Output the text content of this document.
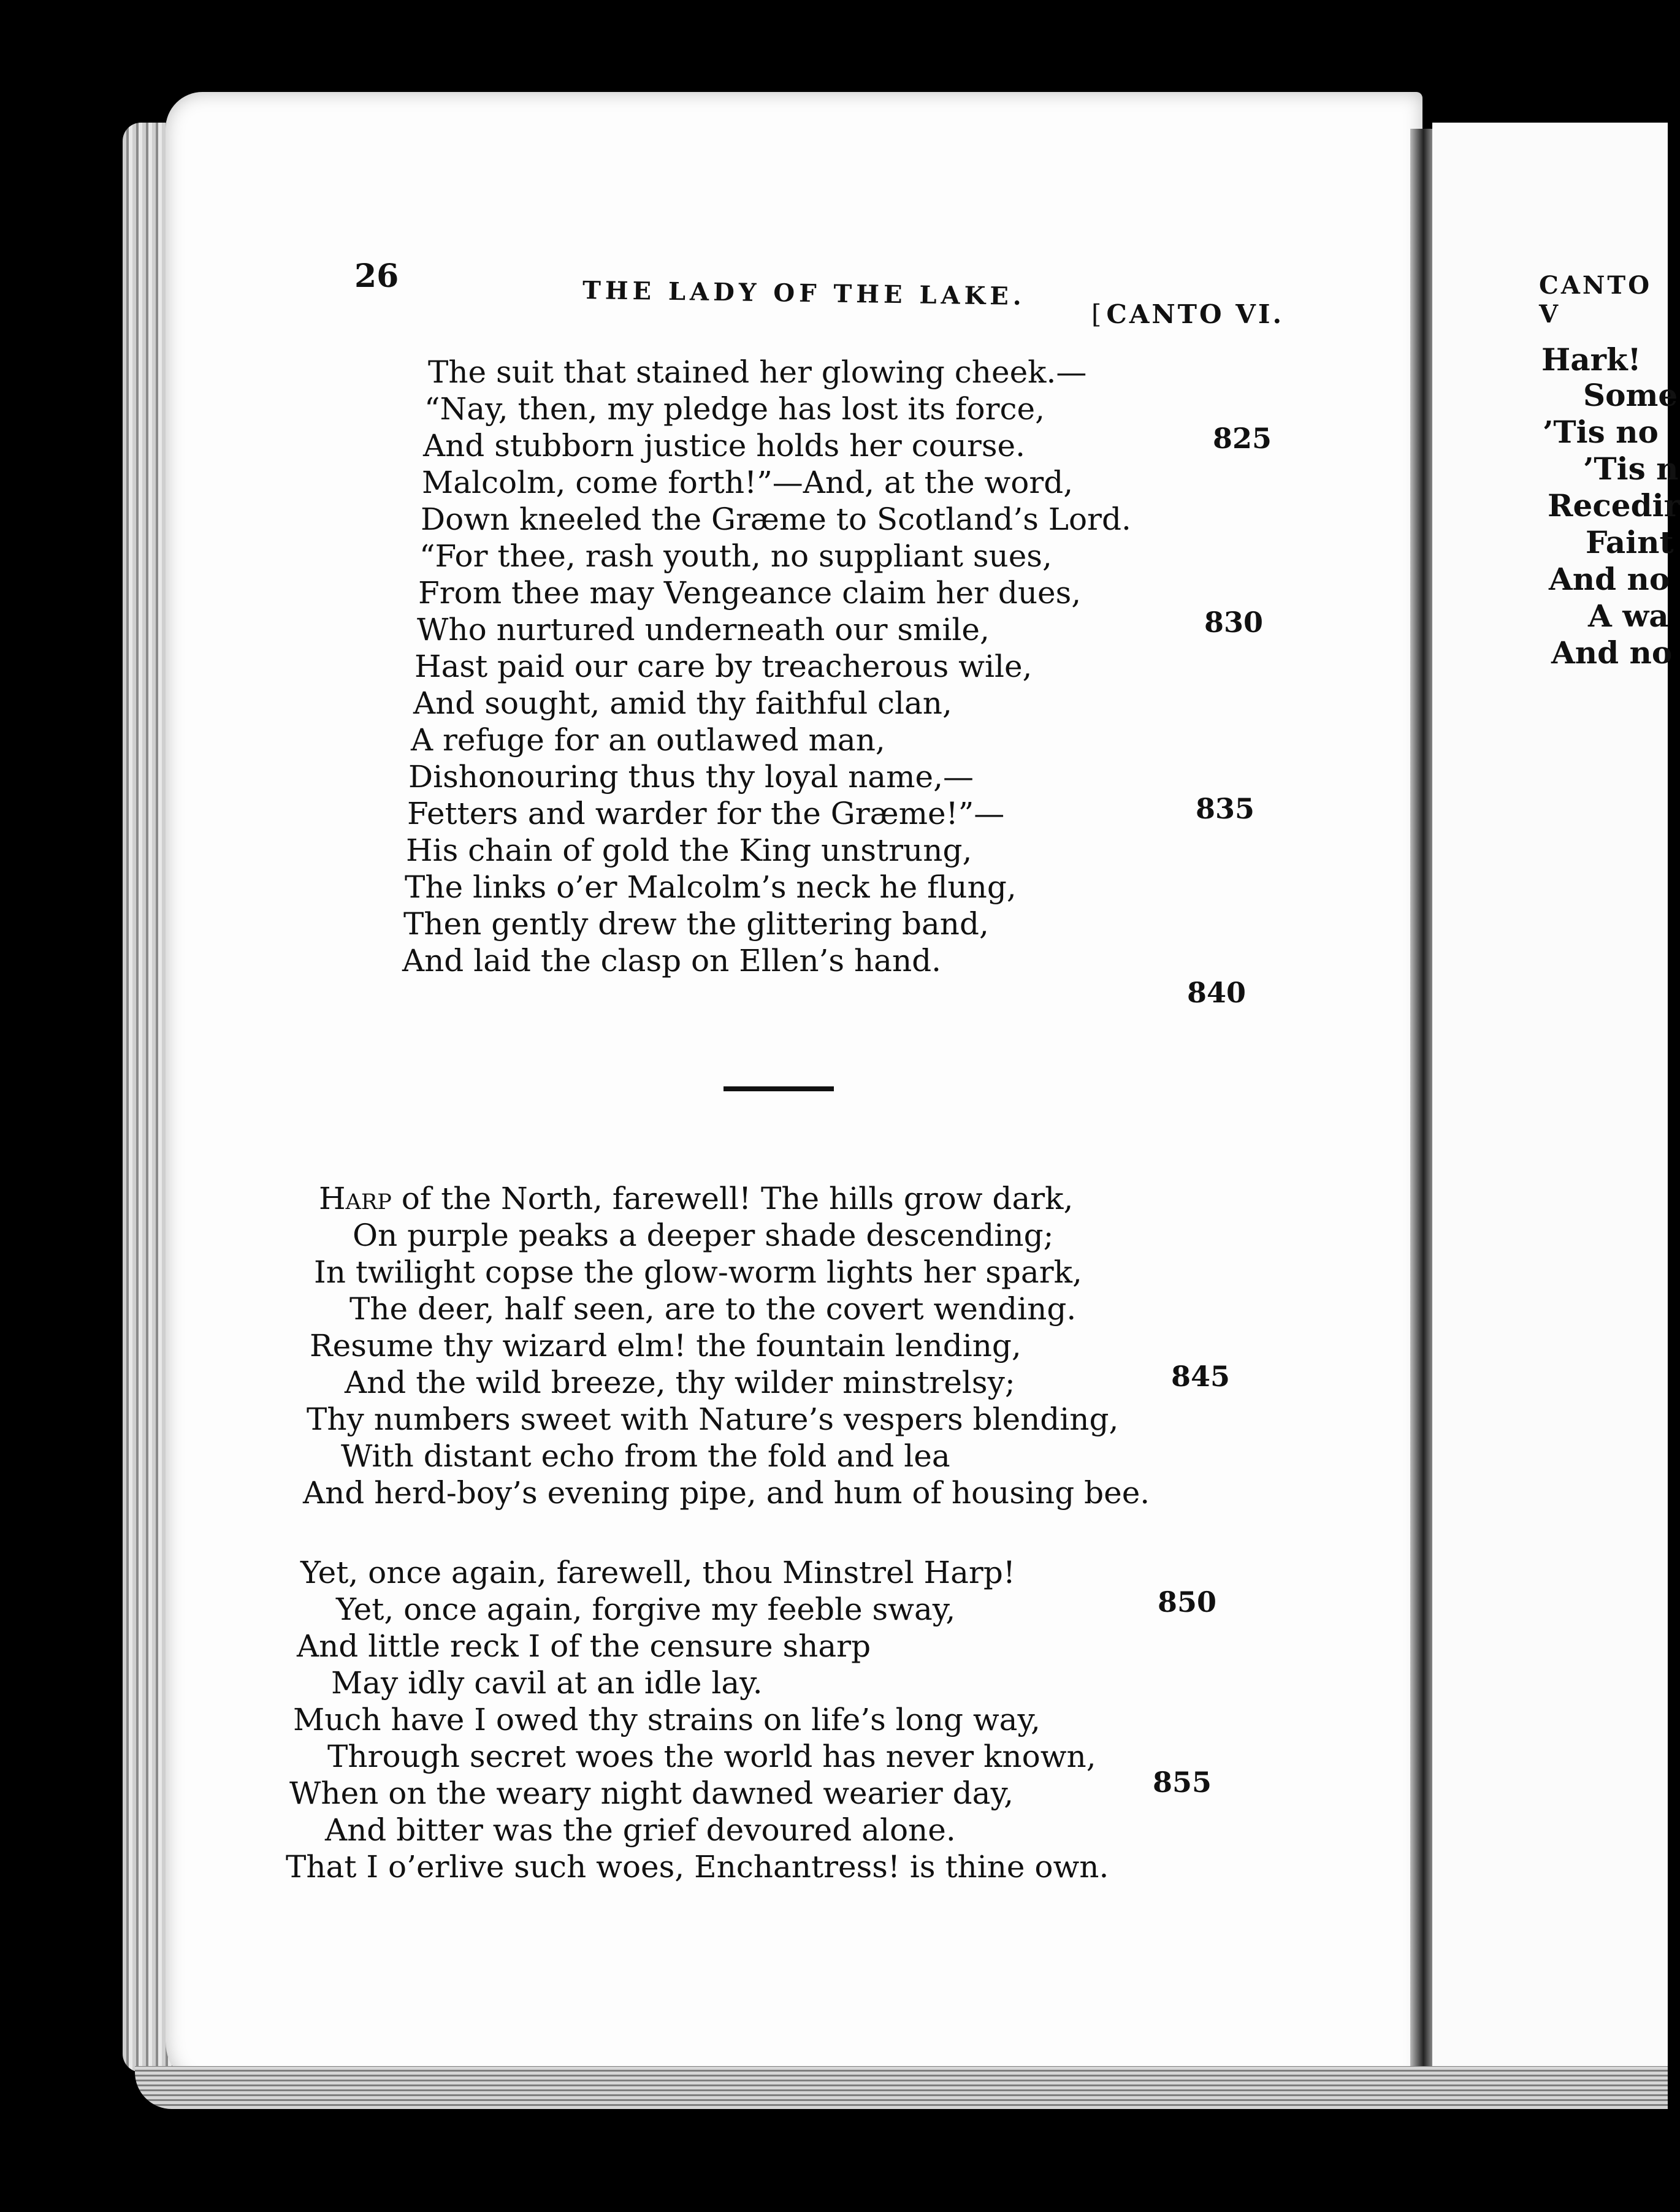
26	THE LADY OF THE LAKE.
[ CANTO VI.
The suit that stained her glowing cheek.—
“Nay, then, my pledge has lost its force,
825
And stubborn justice holds her course.
Malcolm, come forth!”—And, at the word,
Down kneeled the Græme to Scotland’s Lord.
“For thee, rash youth, no suppliant sues,
From thee may Vengeance claim her dues,
830
Who nurtured underneath our smile,
Hast paid our care by treacherous wile,
And sought, amid thy faithful clan,
A refuge for an outlawed man,
Dishonouring thus thy loyal name,—
835
Fetters and warder for the Græme!”—
His chain of gold the King unstrung,
The links o’er Malcolm’s neck he flung,
Then gently drew the glittering band,
And laid the clasp on Ellen’s hand.
840
Harp of the North, farewell! The hills grow dark,
On purple peaks a deeper shade descending;
In twilight copse the glow-worm lights her spark,
The deer, half seen, are to the covert wending.
Resume thy wizard elm! the fountain lending,
845
And the wild breeze, thy wilder minstrelsy;
Thy numbers sweet with Nature’s vespers blending,
With distant echo from the fold and lea
And herd-boy’s evening pipe, and hum of housing bee.
Yet, once again, farewell, thou Minstrel Harp!
850
Yet, once again, forgive my feeble sway,
And little reck I of the censure sharp
May idly cavil at an idle lay.
Much have I owed thy strains on life’s long way,
Through secret woes the world has never known,
855
When on the weary night dawned wearier day,
And bitter was the grief devoured alone.
That I o’erlive such woes, Enchantress! is thine own.
CANTO V
Hark!
Some
’Tis no
’Tis n
Recedir
Faint
And no
A wa
And no
